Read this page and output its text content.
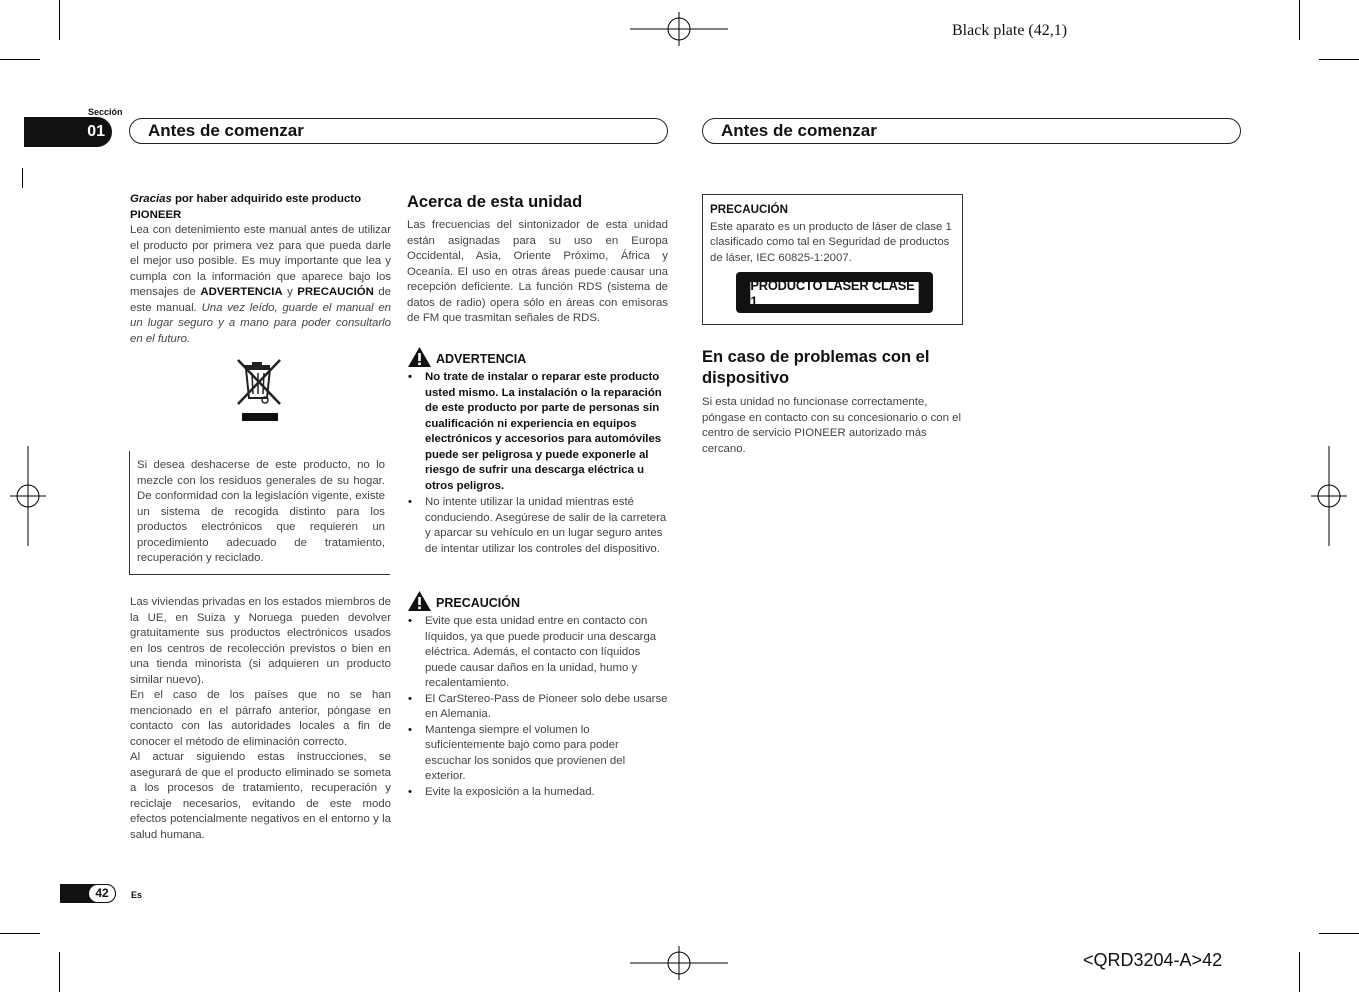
Black plate (42,1)
<QRD3204-A>42
Sección
01	Antes de comenzar	Antes de comenzar

Gracias por haber adquirido este producto

PIONEER

Lea con detenimiento este manual antes de utilizar el producto por primera vez para que pueda darle el mejor uso posible. Es muy importante que lea y cumpla con la información que aparece bajo los mensajes de ADVERTENCIA y PRECAUCIÓN de este manual. Una vez leído, guarde el manual en un lugar seguro y a mano para poder consultarlo en el futuro.

Si desea deshacerse de este producto, no lo mezcle con los residuos generales de su hogar. De conformidad con la legislación vigente, existe un sistema de recogida distinto para los productos electrónicos que requieren un procedimiento adecuado de tratamiento, recuperación y reciclado.

Las viviendas privadas en los estados miembros de la UE, en Suiza y Noruega pueden devolver gratuitamente sus productos electrónicos usados en los centros de recolección previstos o bien en una tienda minorista (si adquieren un producto similar nuevo).

En el caso de los países que no se han mencionado en el párrafo anterior, póngase en contacto con las autoridades locales a fin de conocer el método de eliminación correcto.

Al actuar siguiendo estas instrucciones, se asegurará de que el producto eliminado se someta a los procesos de tratamiento, recuperación y reciclaje necesarios, evitando de este modo efectos potencialmente negativos en el entorno y la salud humana.

Acerca de esta unidad

Las frecuencias del sintonizador de esta unidad están asignadas para su uso en Europa Occidental, Asia, Oriente Próximo, África y Oceanía. El uso en otras áreas puede causar una recepción deficiente. La función RDS (sistema de datos de radio) opera sólo en áreas con emisoras de FM que trasmitan señales de RDS.

ADVERTENCIA
• No trate de instalar o reparar este producto usted mismo. La instalación o la reparación de este producto por parte de personas sin cualificación ni experiencia en equipos electrónicos y accesorios para automóviles puede ser peligrosa y puede exponerle al riesgo de sufrir una descarga eléctrica u otros peligros.
• No intente utilizar la unidad mientras esté conduciendo. Asegúrese de salir de la carretera y aparcar su vehículo en un lugar seguro antes de intentar utilizar los controles del dispositivo.
PRECAUCIÓN
• Evite que esta unidad entre en contacto con líquidos, ya que puede producir una descarga eléctrica. Además, el contacto con líquidos puede causar daños en la unidad, humo y recalentamiento.
• El CarStereo-Pass de Pioneer solo debe usarse en Alemania.
• Mantenga siempre el volumen lo suficientemente bajo como para poder escuchar los sonidos que provienen del exterior.
• Evite la exposición a la humedad.

PRECAUCIÓN

Este aparato es un producto de láser de clase 1 clasificado como tal en Seguridad de productos de láser, IEC 60825-1:2007.

PRODUCTO LASER CLASE 1
En caso de problemas con el dispositivo

Si esta unidad no funcionase correctamente, póngase en contacto con su concesionario o con el centro de servicio PIONEER autorizado más cercano.

42	Es
